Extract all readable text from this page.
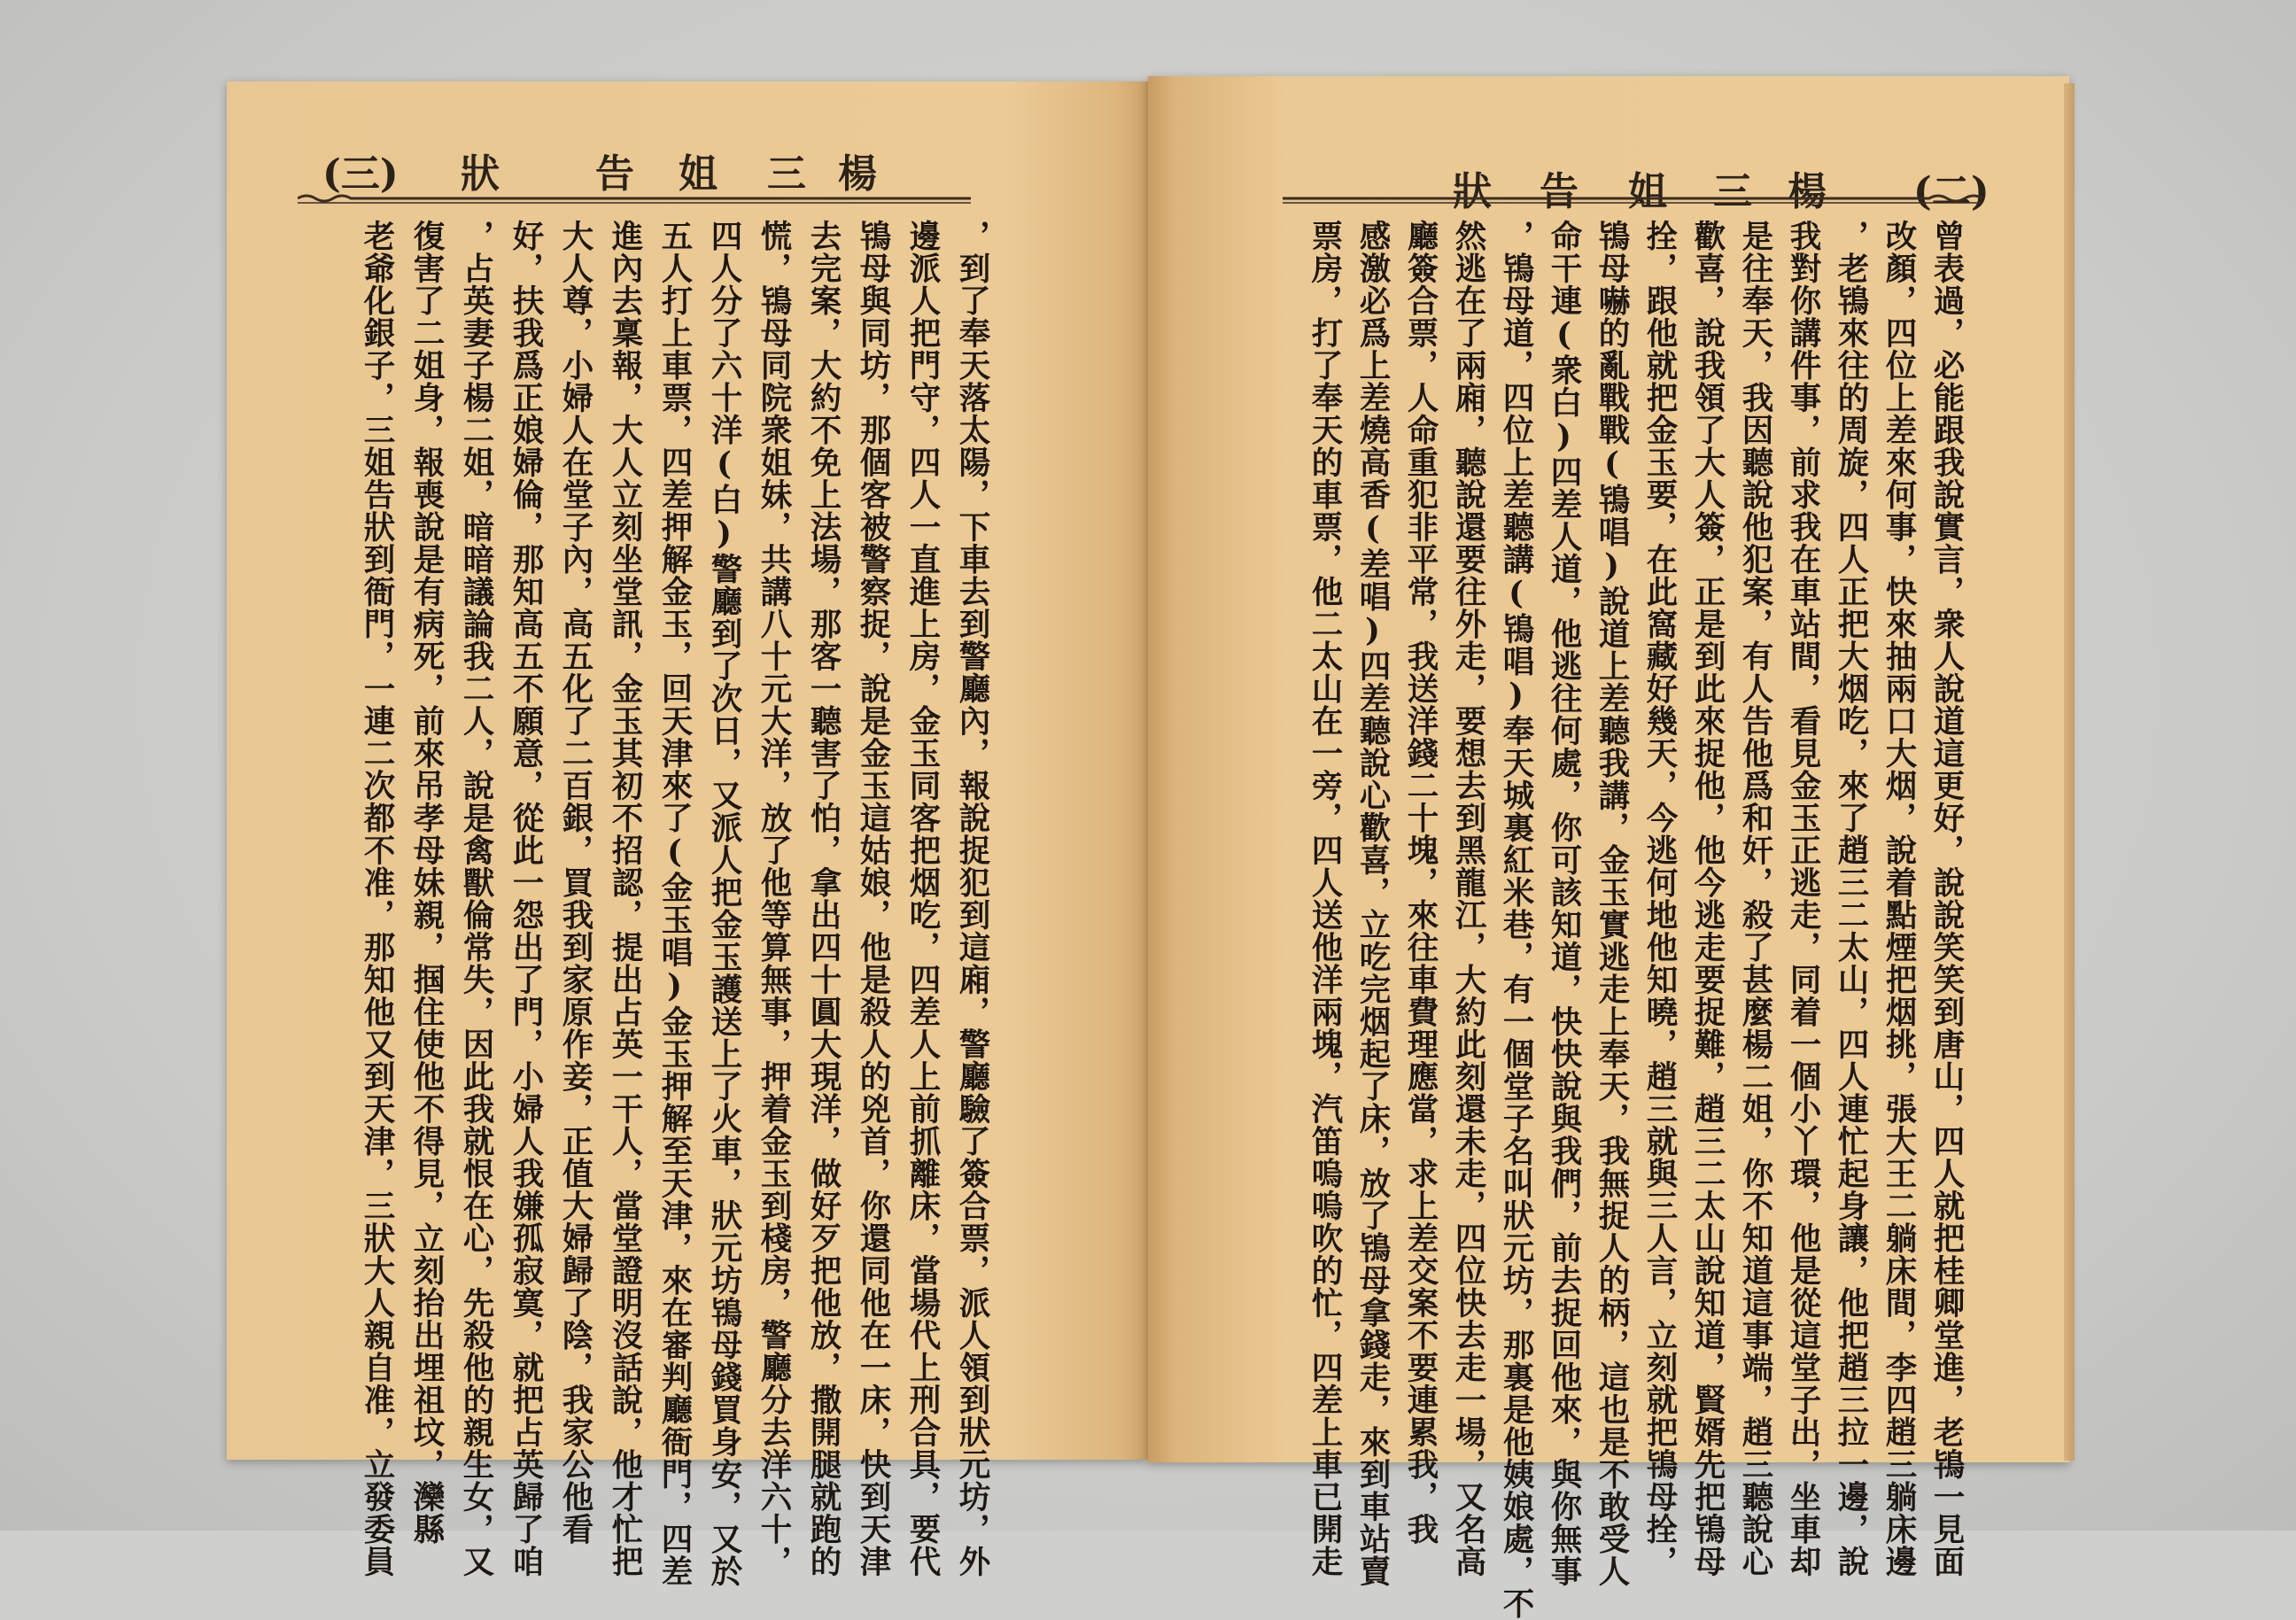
(三) 狀 告 姐 三 楊	狀 告 姐 三 楊 (二)
，到了奉天落太陽，下車去到警廳內，報說捉犯到這廂，警廳驗了簽合票，派人領到狀元坊，外
邊派人把門守，四人一直進上房，金玉同客把烟吃，四差人上前抓離床，當場代上刑合具，要代
鴇母與同坊，那個客被警察捉，說是金玉這姑娘，他是殺人的兇首，你還同他在一床，快到天津
去完案，大約不免上法場，那客一聽害了怕，拿出四十圓大現洋，做好歹把他放，撒開腿就跑的
慌，鴇母同院衆姐妹，共講八十元大洋，放了他等算無事，押着金玉到棧房，警廳分去洋六十，
四人分了六十洋(白)警廳到了次日，又派人把金玉護送上了火車，狀元坊鴇母錢買身安，又於
五人打上車票，四差押解金玉，回天津來了(金玉唱)金玉押解至天津，來在審判廳衙門，四差
進內去稟報，大人立刻坐堂訊，金玉其初不招認，提出占英一干人，當堂證明沒話說，他才忙把
大人尊，小婦人在堂子內，高五化了二百銀，買我到家原作妾，正值大婦歸了陰，我家公他看
好，扶我爲正娘婦倫，那知高五不願意，從此一怨出了門，小婦人我嫌孤寂寞，就把占英歸了咱
，占英妻子楊二姐，暗暗議論我二人，說是禽獸倫常失，因此我就恨在心，先殺他的親生女，又
復害了二姐身，報喪說是有病死，前來吊孝母妹親，掴住使他不得見，立刻抬出埋祖坟，灤縣
老爺化銀子，三姐告狀到衙門，一連二次都不准，那知他又到天津，三狀大人親自准，立發委員	曾表過，必能跟我說實言，衆人說道這更好，說說笑笑到唐山，四人就把桂卿堂進，老鴇一見面
改顏，四位上差來何事，快來抽兩口大烟，說着點煙把烟挑，張大王二躺床間，李四趙三躺床邊
，老鴇來往的周旋，四人正把大烟吃，來了趙三二太山，四人連忙起身讓，他把趙三拉一邊，說
我對你講件事，前求我在車站間，看見金玉正逃走，同着一個小丫環，他是從這堂子出，坐車却
是往奉天，我因聽說他犯案，有人告他爲和奸，殺了甚麼楊二姐，你不知道這事端，趙三聽說心
歡喜，說我領了大人簽，正是到此來捉他，他今逃走要捉難，趙三二太山說知道，賢婿先把鴇母
拴，跟他就把金玉要，在此窩藏好幾天，今逃何地他知曉，趙三就與三人言，立刻就把鴇母拴，
鴇母嚇的亂戰戰(鴇唱)說道上差聽我講，金玉實逃走上奉天，我無捉人的柄，這也是不敢受人
命干連(衆白)四差人道，他逃往何處，你可該知道，快快說與我們，前去捉回他來，與你無事
，鴇母道，四位上差聽講(鴇唱)奉天城裏紅米巷，有一個堂子名叫狀元坊，那裏是他姨娘處，不
然逃在了兩廂，聽說還要往外走，要想去到黑龍江，大約此刻還未走，四位快去走一場，又名高
廳簽合票，人命重犯非平常，我送洋錢二十塊，來往車費理應當，求上差交案不要連累我，我
感激必爲上差燒高香(差唱)四差聽說心歡喜，立吃完烟起了床，放了鴇母拿錢走，來到車站賣
票房，打了奉天的車票，他二太山在一旁，四人送他洋兩塊，汽笛嗚嗚吹的忙，四差上車已開走
